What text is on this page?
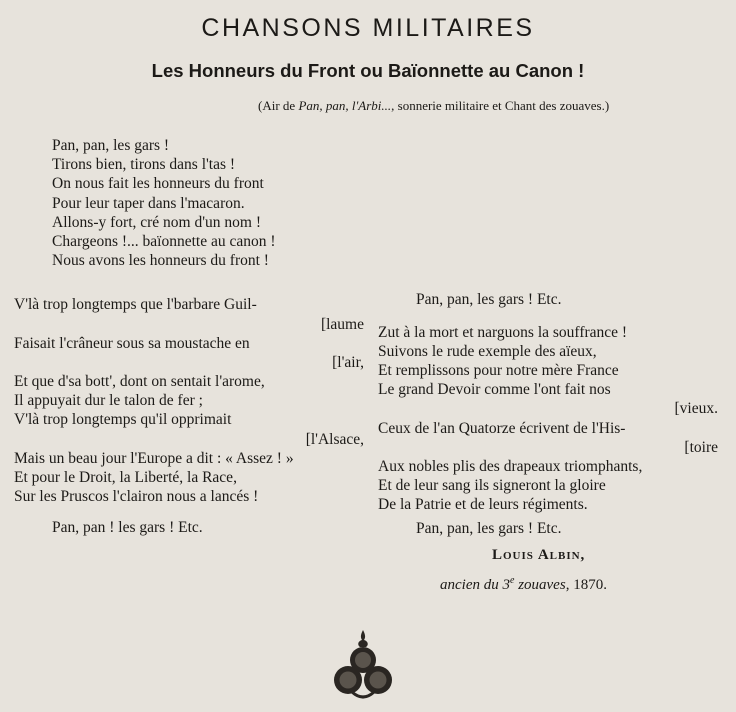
CHANSONS MILITAIRES
Les Honneurs du Front ou Baïonnette au Canon !
(Air de Pan, pan, l'Arbi..., sonnerie militaire et Chant des zouaves.)
Pan, pan, les gars !
Tirons bien, tirons dans l'tas !
On nous fait les honneurs du front
Pour leur taper dans l'macaron.
Allons-y fort, cré nom d'un nom !
Chargeons !... baïonnette au canon !
Nous avons les honneurs du front !
V'là trop longtemps que l'barbare Guil-
[laume
Faisait l'crâneur sous sa moustache en
[l'air,
Et que d'sa bott', dont on sentait l'arome,
Il appuyait dur le talon de fer ;
V'là trop longtemps qu'il opprimait
[l'Alsace,
Mais un beau jour l'Europe a dit : « Assez ! »
Et pour le Droit, la Liberté, la Race,
Sur les Pruscos l'clairon nous a lancés !
Pan, pan ! les gars ! Etc.
Pan, pan, les gars ! Etc.
Zut à la mort et narguons la souffrance !
Suivons le rude exemple des aïeux,
Et remplissons pour notre mère France
Le grand Devoir comme l'ont fait nos
[vieux.
Ceux de l'an Quatorze écrivent de l'His-
[toire
Aux nobles plis des drapeaux triomphants,
Et de leur sang ils signeront la gloire
De la Patrie et de leurs régiments.
Pan, pan, les gars ! Etc.
Louis Albin,
ancien du 3e zouaves, 1870.
